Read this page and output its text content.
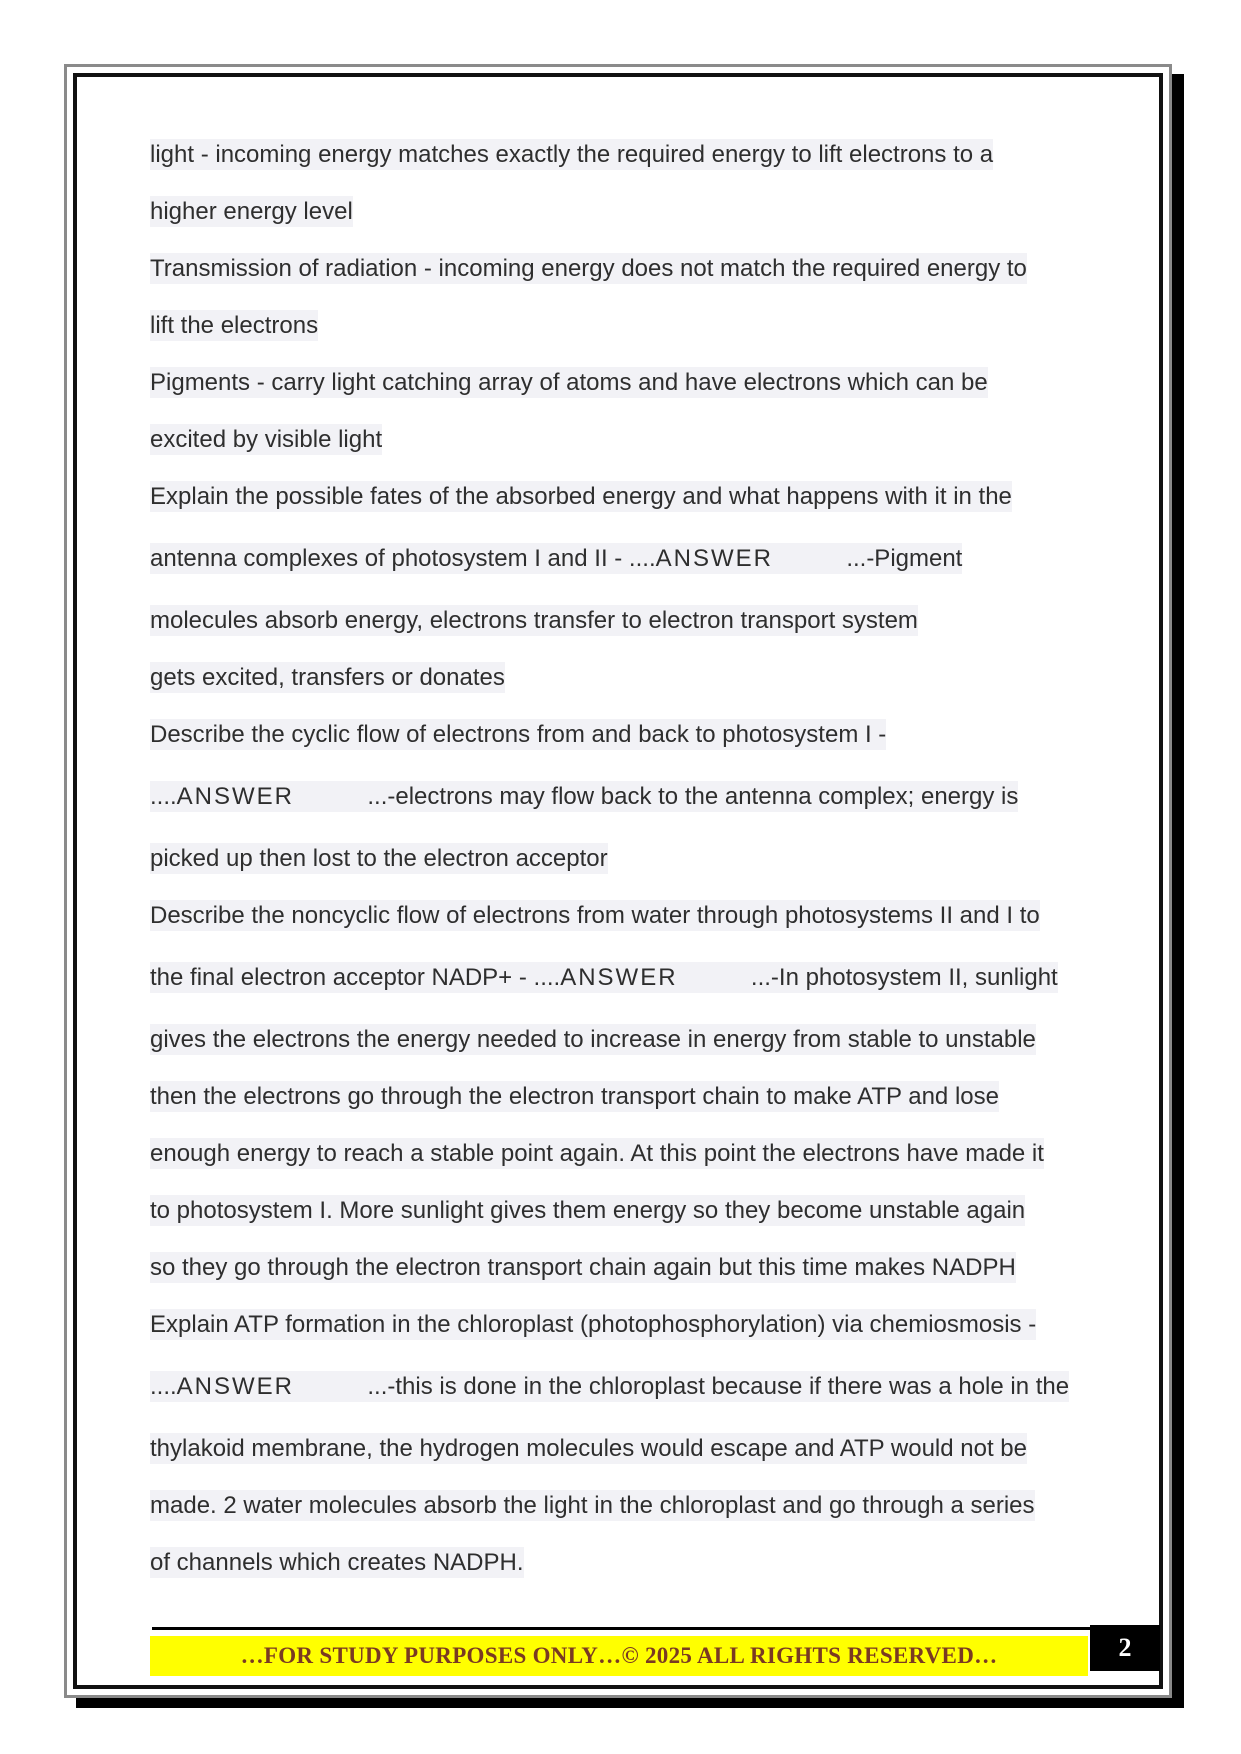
light - incoming energy matches exactly the required energy to lift electrons to a
higher energy level
Transmission of radiation - incoming energy does not match the required energy to
lift the electrons
Pigments - carry light catching array of atoms and have electrons which can be
excited by visible light
Explain the possible fates of the absorbed energy and what happens with it in the
antenna complexes of photosystem I and II - ....ANSWER	...-Pigment
molecules absorb energy, electrons transfer to electron transport system
gets excited, transfers or donates
Describe the cyclic flow of electrons from and back to photosystem I -
....ANSWER	...-electrons may flow back to the antenna complex; energy is
picked up then lost to the electron acceptor
Describe the noncyclic flow of electrons from water through photosystems II and I to
the final electron acceptor NADP+ - ....ANSWER	...-In photosystem II, sunlight
gives the electrons the energy needed to increase in energy from stable to unstable
then the electrons go through the electron transport chain to make ATP and lose
enough energy to reach a stable point again. At this point the electrons have made it
to photosystem I. More sunlight gives them energy so they become unstable again
so they go through the electron transport chain again but this time makes NADPH
Explain ATP formation in the chloroplast (photophosphorylation) via chemiosmosis -
....ANSWER	...-this is done in the chloroplast because if there was a hole in the
thylakoid membrane, the hydrogen molecules would escape and ATP would not be
made. 2 water molecules absorb the light in the chloroplast and go through a series
of channels which creates NADPH.
…FOR STUDY PURPOSES ONLY…© 2025 ALL RIGHTS RESERVED…	2
